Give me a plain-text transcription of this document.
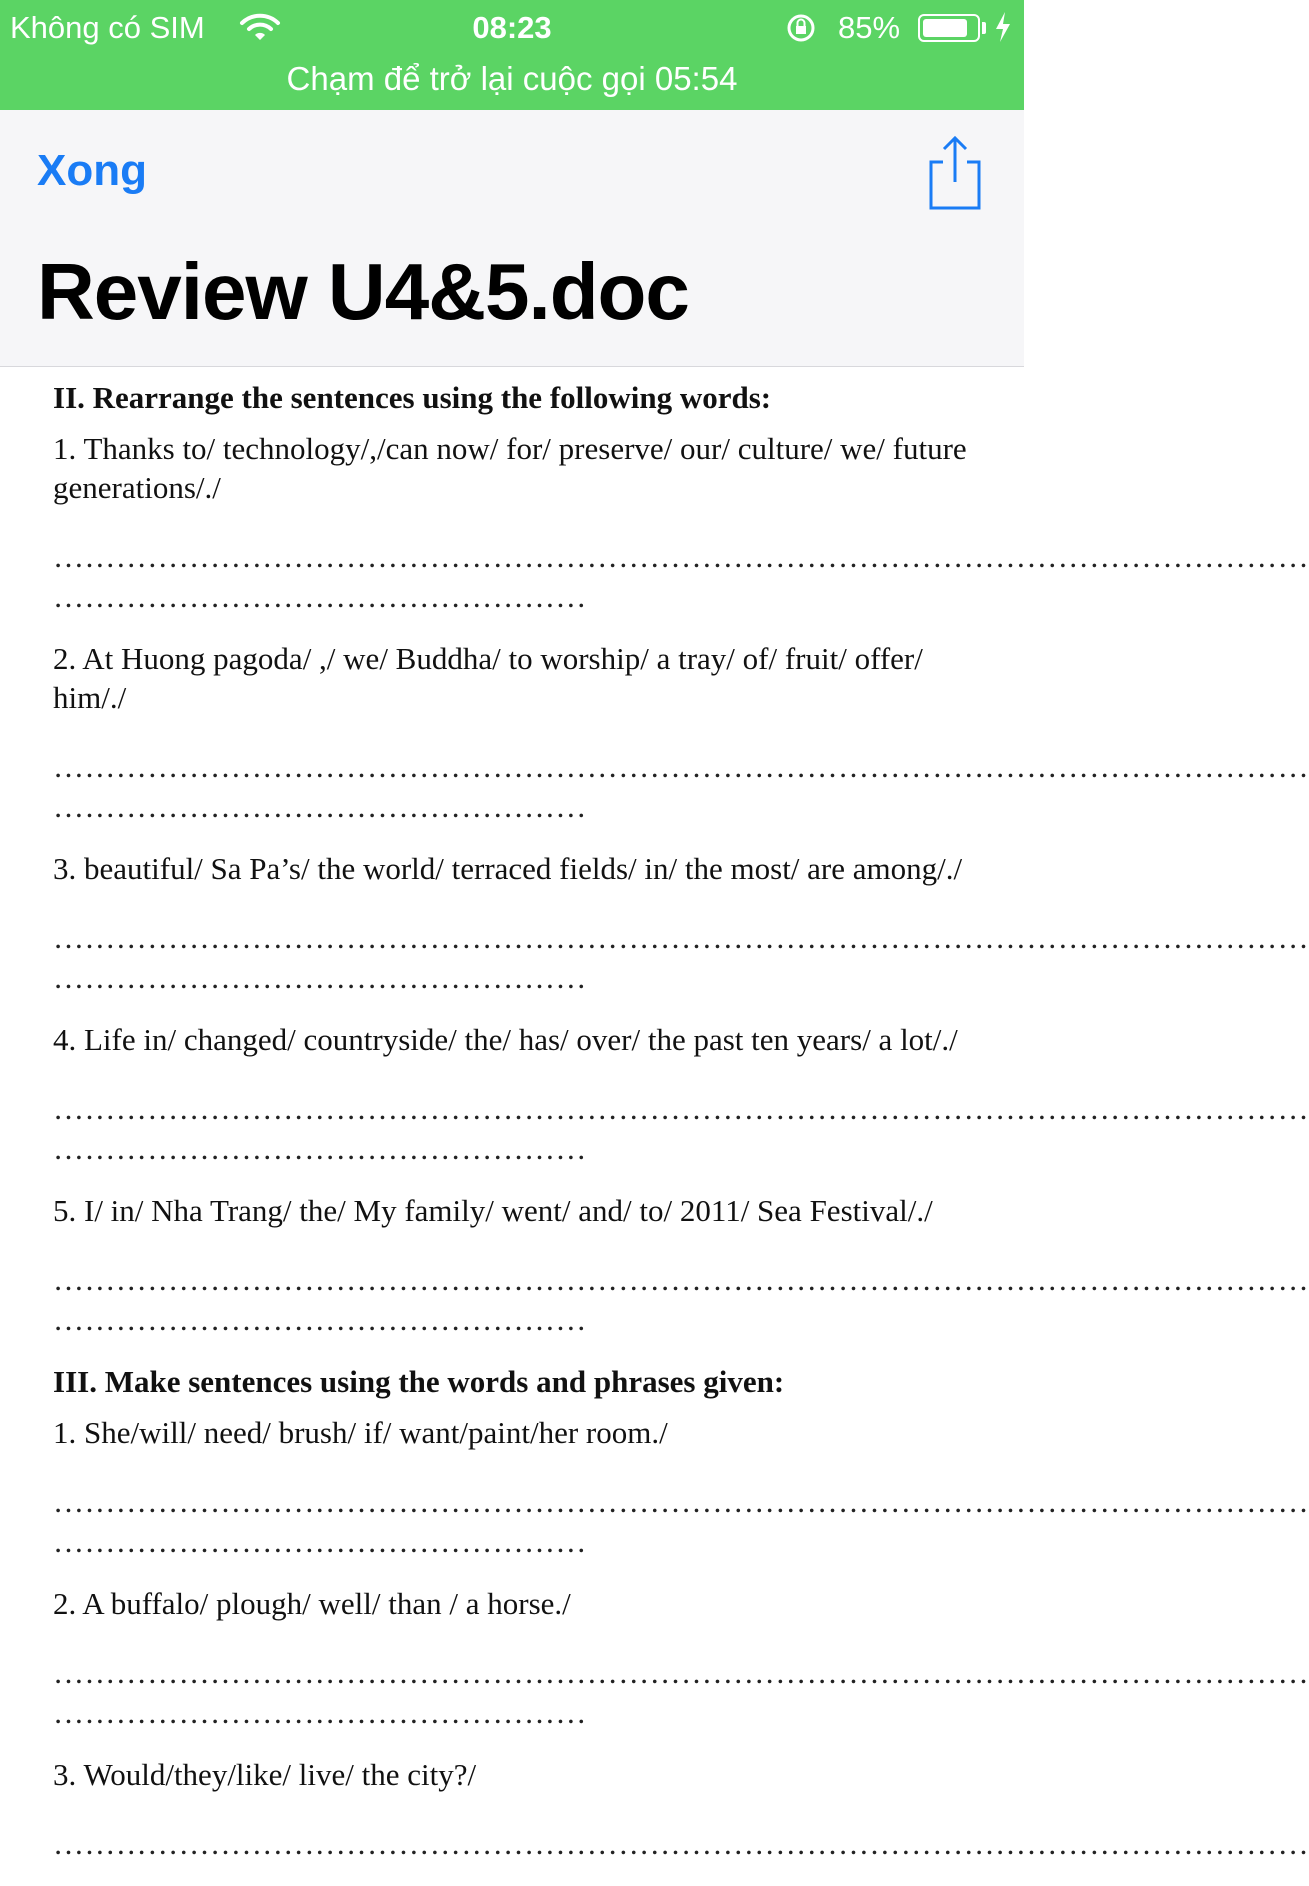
Không có SIM	08:23	85%
Chạm để trở lại cuộc gọi 05:54
Xong
Review U4&5.doc
II. Rearrange the sentences using the following words:
1. Thanks to/ technology/,/can now/ for/ preserve/ our/ culture/ we/ future generations/./
…………………………………………………………………………………………………………
……………………………………………
2. At Huong pagoda/ ,/ we/ Buddha/ to worship/ a tray/ of/ fruit/ offer/ him/./
…………………………………………………………………………………………………………
……………………………………………
3. beautiful/ Sa Pa’s/ the world/ terraced fields/ in/ the most/ are among/./
…………………………………………………………………………………………………………
……………………………………………
4. Life in/ changed/ countryside/ the/ has/ over/ the past ten years/ a lot/./
…………………………………………………………………………………………………………
……………………………………………
5. I/ in/ Nha Trang/ the/ My family/ went/ and/ to/ 2011/ Sea Festival/./
…………………………………………………………………………………………………………
……………………………………………
III. Make sentences using the words and phrases given:
1. She/will/ need/ brush/ if/ want/paint/her room./
…………………………………………………………………………………………………………
……………………………………………
2. A buffalo/ plough/ well/ than / a horse./
…………………………………………………………………………………………………………
……………………………………………
3. Would/they/like/ live/ the city?/
…………………………………………………………………………………………………………
